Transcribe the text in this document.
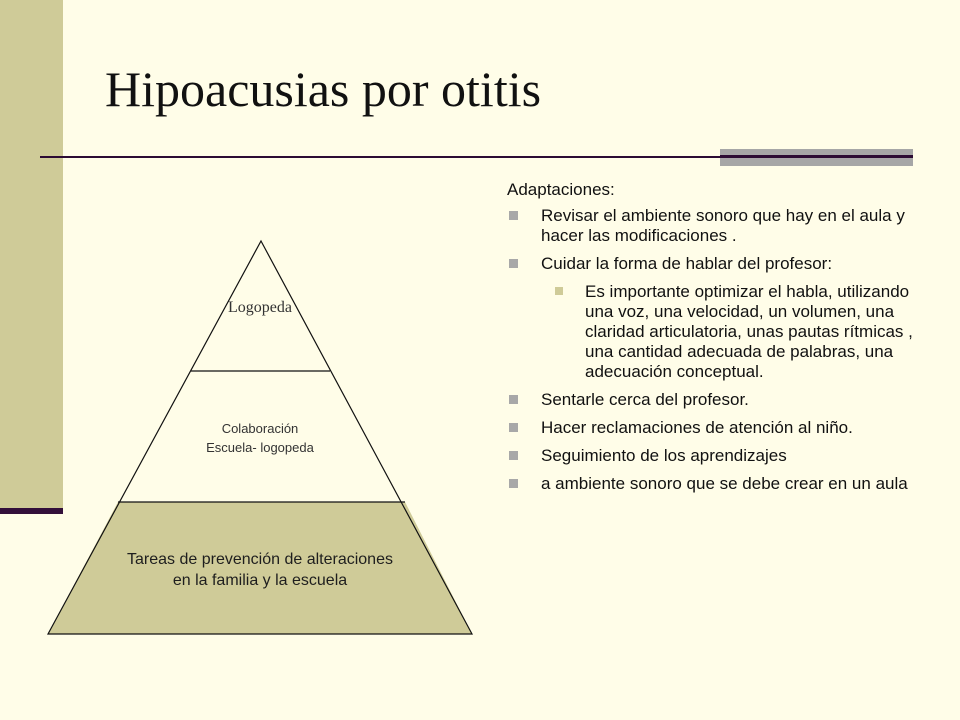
Hipoacusias por otitis
Logopeda
Colaboración
Escuela- logopeda
Tareas de prevención de alteraciones
en la familia y la escuela

Adaptaciones:

Revisar el ambiente sonoro que hay en el aula y hacer las modificaciones .
Cuidar la forma de hablar del profesor:
Es importante optimizar el habla, utilizando una voz, una velocidad, un volumen, una claridad articulatoria, unas pautas rítmicas , una cantidad adecuada de palabras, una adecuación conceptual.
Sentarle cerca del profesor.
Hacer reclamaciones de atención al niño.
Seguimiento de los aprendizajes
a ambiente sonoro que se debe crear en un aula
